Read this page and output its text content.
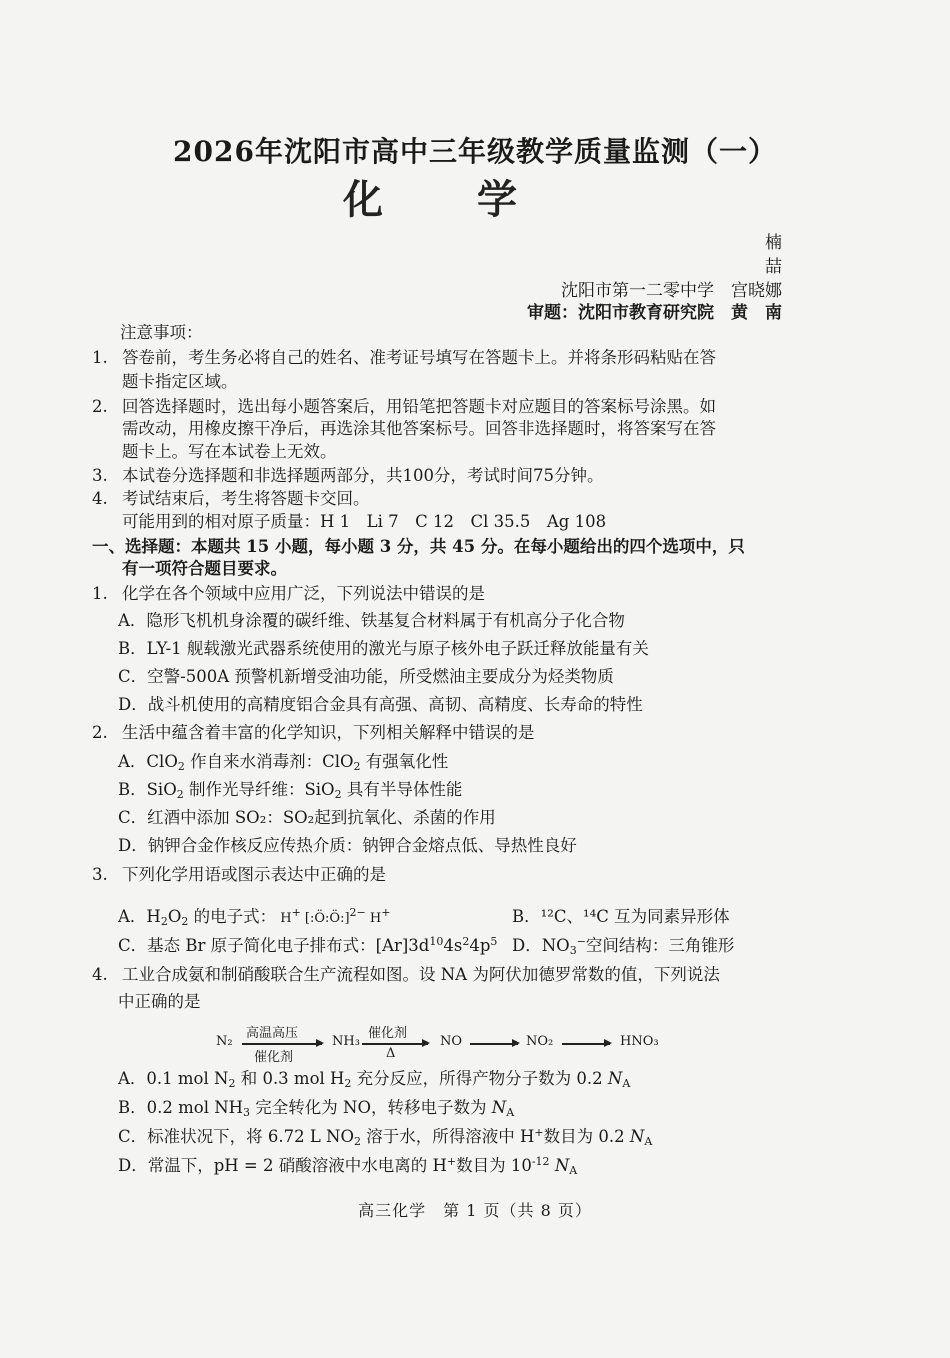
2026年沈阳市高中三年级教学质量监测（一）
化 学
楠
喆
沈阳市第一二零中学　宫晓娜
审题：沈阳市教育研究院　黄　南
注意事项：
1. 答卷前，考生务必将自己的姓名、准考证号填写在答题卡上。并将条形码粘贴在答
题卡指定区域。
2. 回答选择题时，选出每小题答案后，用铅笔把答题卡对应题目的答案标号涂黑。如
需改动，用橡皮擦干净后，再选涂其他答案标号。回答非选择题时，将答案写在答
题卡上。写在本试卷上无效。
3. 本试卷分选择题和非选择题两部分，共100分，考试时间75分钟。
4. 考试结束后，考生将答题卡交回。
可能用到的相对原子质量：H 1　Li 7　C 12　Cl 35.5　Ag 108
一、选择题：本题共 15 小题，每小题 3 分，共 45 分。在每小题给出的四个选项中，只
有一项符合题目要求。
1. 化学在各个领域中应用广泛，下列说法中错误的是
A．隐形飞机机身涂覆的碳纤维、铁基复合材料属于有机高分子化合物
B．LY-1 舰载激光武器系统使用的激光与原子核外电子跃迁释放能量有关
C．空警-500A 预警机新增受油功能，所受燃油主要成分为烃类物质
D．战斗机使用的高精度铝合金具有高强、高韧、高精度、长寿命的特性
2. 生活中蕴含着丰富的化学知识，下列相关解释中错误的是
A．ClO$_2$ 作自来水消毒剂：ClO$_2$ 有强氧化性
B．SiO$_2$ 制作光导纤维：SiO$_2$ 具有半导体性能
C．红酒中添加 SO₂：SO₂起到抗氧化、杀菌的作用
D．钠钾合金作核反应传热介质：钠钾合金熔点低、导热性良好
3. 下列化学用语或图示表达中正确的是
A．$H_2O_2$ 的电子式： H+ [:Ö:Ö:]$^{2-}$ H+	B．¹²C、¹⁴C 互为同素异形体
C．基态 Br 原子简化电子排布式：$[Ar]3d^{10}4s^24p^5$ D．$NO_3^-$空间结构：三角锥形
4. 工业合成氨和制硝酸联合生产流程如图。设 NA 为阿伏加德罗常数的值，下列说法
中正确的是
N₂
高温高压
催化剂
NH₃
催化剂
Δ
NO	NO₂	HNO₃
A．0.1 mol $N_2$ 和 0.3 mol $H_2$ 充分反应，所得产物分子数为 0.2 $N_A$
B．0.2 mol $NH_3$ 完全转化为 NO，转移电子数为 $N_A$
C．标准状况下，将 6.72 L $NO_2$ 溶于水，所得溶液中 H+数目为 0.2 $N_A$
D．常温下，pH = 2 硝酸溶液中水电离的 H+数目为 $10^{-12}$ $N_A$
高三化学　第 1 页（共 8 页）
